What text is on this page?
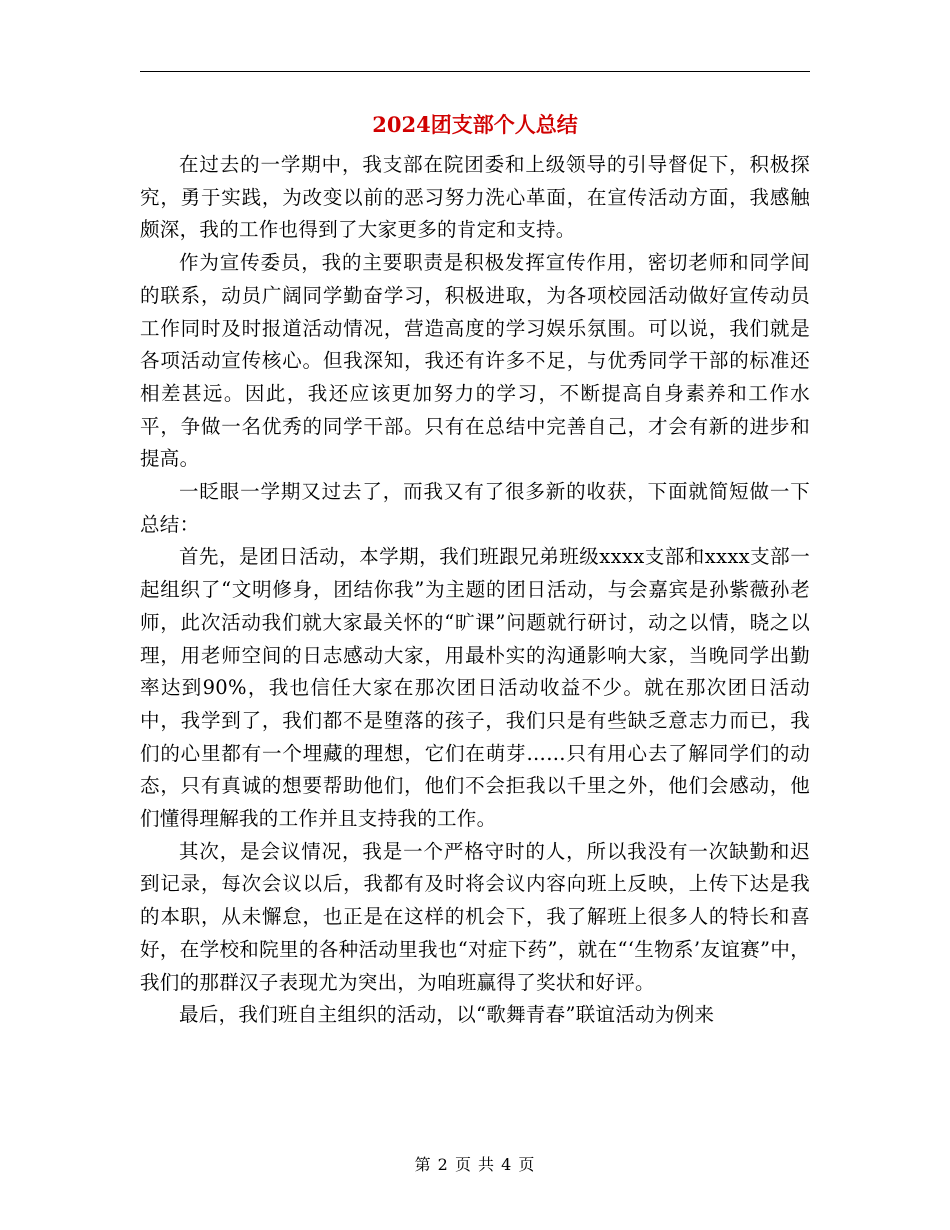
2024团支部个人总结

在过去的一学期中，我支部在院团委和上级领导的引导督促下，积极探究，勇于实践，为改变以前的恶习努力洗心革面，在宣传活动方面，我感触颇深，我的工作也得到了大家更多的肯定和支持。

作为宣传委员，我的主要职责是积极发挥宣传作用，密切老师和同学间的联系，动员广阔同学勤奋学习，积极进取，为各项校园活动做好宣传动员工作同时及时报道活动情况，营造高度的学习娱乐氛围。可以说，我们就是各项活动宣传核心。但我深知，我还有许多不足，与优秀同学干部的标准还相差甚远。因此，我还应该更加努力的学习，不断提高自身素养和工作水平，争做一名优秀的同学干部。只有在总结中完善自己，才会有新的进步和提高。

一眨眼一学期又过去了，而我又有了很多新的收获，下面就简短做一下总结：

首先，是团日活动，本学期，我们班跟兄弟班级xxxx支部和xxxx支部一起组织了“文明修身，团结你我”为主题的团日活动，与会嘉宾是孙紫薇孙老师，此次活动我们就大家最关怀的“旷课”问题就行研讨，动之以情，晓之以理，用老师空间的日志感动大家，用最朴实的沟通影响大家，当晚同学出勤率达到90%，我也信任大家在那次团日活动收益不少。就在那次团日活动中，我学到了，我们都不是堕落的孩子，我们只是有些缺乏意志力而已，我们的心里都有一个埋藏的理想，它们在萌芽……只有用心去了解同学们的动态，只有真诚的想要帮助他们，他们不会拒我以千里之外，他们会感动，他们懂得理解我的工作并且支持我的工作。

其次，是会议情况，我是一个严格守时的人，所以我没有一次缺勤和迟到记录，每次会议以后，我都有及时将会议内容向班上反映，上传下达是我的本职，从未懈怠，也正是在这样的机会下，我了解班上很多人的特长和喜好，在学校和院里的各种活动里我也“对症下药”，就在“‘生物系’友谊赛”中，我们的那群汉子表现尤为突出，为咱班赢得了奖状和好评。

最后，我们班自主组织的活动，以“歌舞青春”联谊活动为例来

第 2 页 共 4 页
